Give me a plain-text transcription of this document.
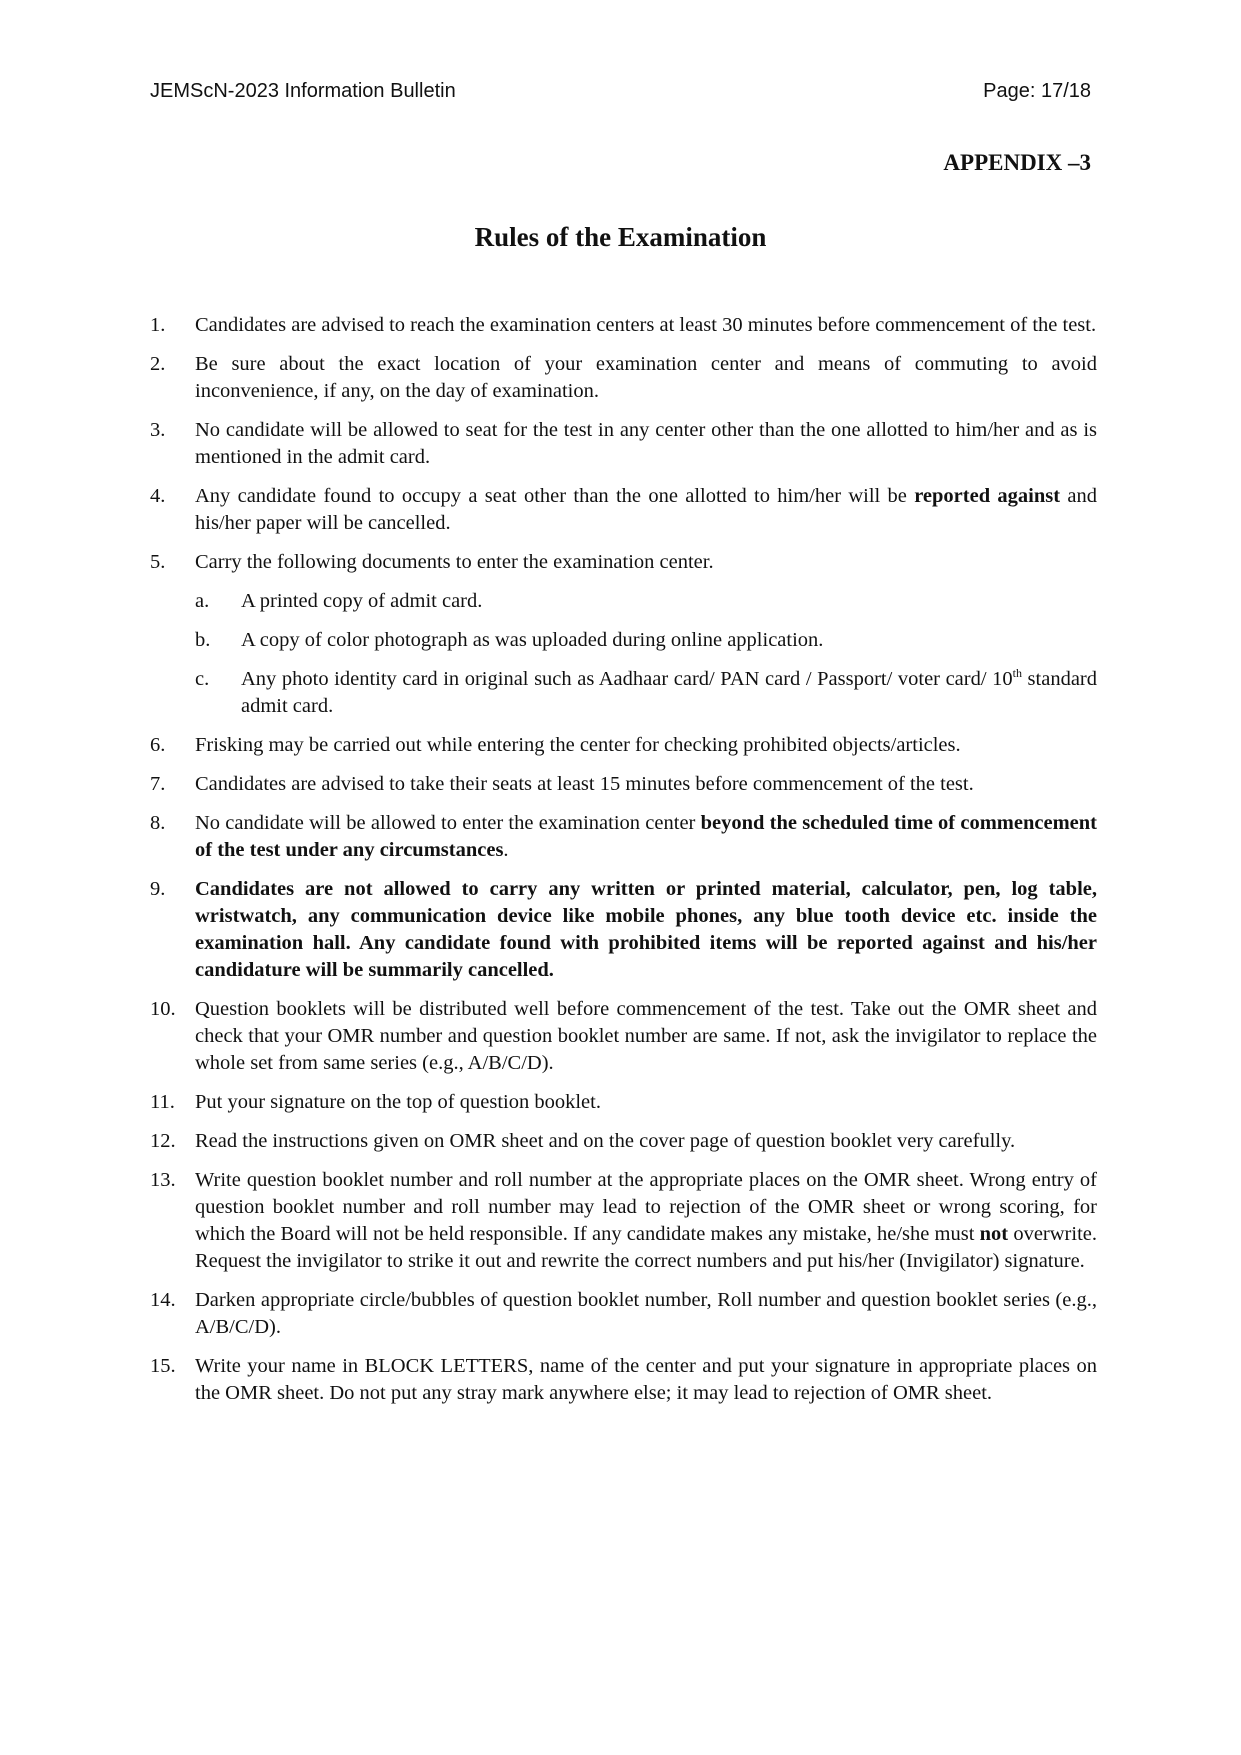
JEMScN-2023 Information Bulletin	Page: 17/18
APPENDIX –3
Rules of the Examination
1.	Candidates are advised to reach the examination centers at least 30 minutes before commencement of the test.
2.	Be sure about the exact location of your examination center and means of commuting to avoid inconvenience, if any, on the day of examination.
3.	No candidate will be allowed to seat for the test in any center other than the one allotted to him/her and as is mentioned in the admit card.
4.	Any candidate found to occupy a seat other than the one allotted to him/her will be reported against and his/her paper will be cancelled.
5.	Carry the following documents to enter the examination center.
a.	A printed copy of admit card.
b.	A copy of color photograph as was uploaded during online application.
c.	Any photo identity card in original such as Aadhaar card/ PAN card / Passport/ voter card/ 10th standard admit card.
6.	Frisking may be carried out while entering the center for checking prohibited objects/articles.
7.	Candidates are advised to take their seats at least 15 minutes before commencement of the test.
8.	No candidate will be allowed to enter the examination center beyond the scheduled time of commencement of the test under any circumstances.
9.	Candidates are not allowed to carry any written or printed material, calculator, pen, log table, wristwatch, any communication device like mobile phones, any blue tooth device etc. inside the examination hall. Any candidate found with prohibited items will be reported against and his/her candidature will be summarily cancelled.
10. Question booklets will be distributed well before commencement of the test. Take out the OMR sheet and check that your OMR number and question booklet number are same. If not, ask the invigilator to replace the whole set from same series (e.g., A/B/C/D).
11. Put your signature on the top of question booklet.
12. Read the instructions given on OMR sheet and on the cover page of question booklet very carefully.
13. Write question booklet number and roll number at the appropriate places on the OMR sheet. Wrong entry of question booklet number and roll number may lead to rejection of the OMR sheet or wrong scoring, for which the Board will not be held responsible. If any candidate makes any mistake, he/she must not overwrite. Request the invigilator to strike it out and rewrite the correct numbers and put his/her (Invigilator) signature.
14. Darken appropriate circle/bubbles of question booklet number, Roll number and question booklet series (e.g., A/B/C/D).
15. Write your name in BLOCK LETTERS, name of the center and put your signature in appropriate places on the OMR sheet. Do not put any stray mark anywhere else; it may lead to rejection of OMR sheet.
